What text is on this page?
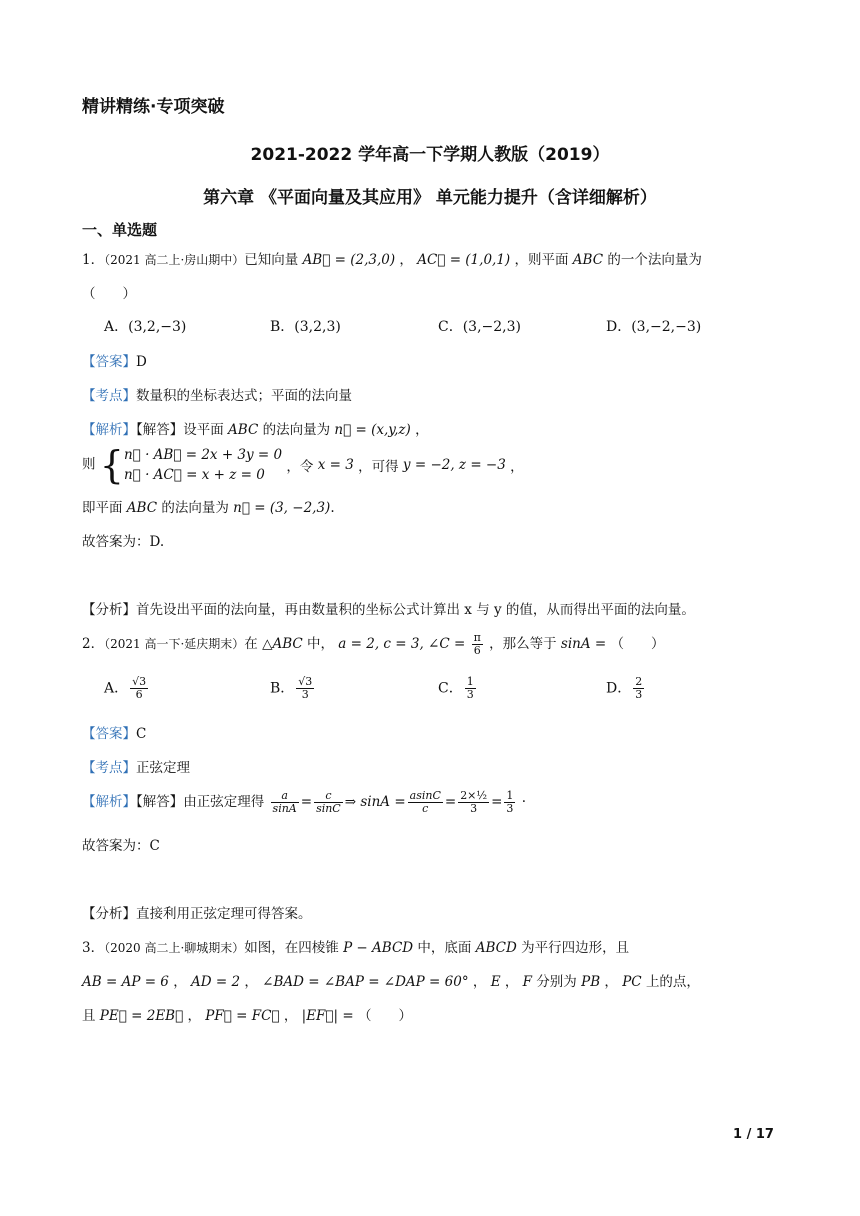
精讲精练·专项突破
2021-2022 学年高一下学期人教版（2019）
第六章 《平面向量及其应用》 单元能力提升（含详细解析）
一、单选题
1．（2021 高二上·房山期中）已知向量 AB⃗ = (2,3,0) ， AC⃗ = (1,0,1) ，则平面 ABC 的一个法向量为
（　　）
A．(3,2,−3)	B．(3,2,3)	C．(3,−2,3)	D．(3,−2,−3)
【答案】D
【考点】数量积的坐标表达式；平面的法向量
【解析】【解答】设平面 ABC 的法向量为 n⃗ = (x,y,z) ，
则 { n⃗ · AB⃗ = 2x + 3y = 0
n⃗ · AC⃗ = x + z = 0	，令 x = 3 ，可得 y = −2, z = −3 ，
即平面 ABC 的法向量为 n⃗ = (3, −2,3).
故答案为：D.
【分析】首先设出平面的法向量，再由数量积的坐标公式计算出 x 与 y 的值，从而得出平面的法向量。
2．（2021 高一下·延庆期末）在 △ABC 中， a = 2, c = 3, ∠C = $\frac{\pi}{6}$ ，那么等于 sinA = （　　）
A． $\frac{√3}{6}$	B． $\frac{√3}{3}$	C． $\frac{1}{3}$	D． $\frac{2}{3}$
【答案】C
【考点】正弦定理
【解析】【解答】由正弦定理得 $\frac{a}{\sin A} = \frac{c}{\sin C}$ ⇒ $\sin A = \frac{asinC}{c} = \frac{\text{2×½}}{3} = \frac{1}{3}$ ·
故答案为：C
【分析】直接利用正弦定理可得答案。
3．（2020 高二上·聊城期末）如图，在四棱锥 P − ABCD 中，底面 ABCD 为平行四边形，且
AB = AP = 6 ， AD = 2 ， ∠BAD = ∠BAP = ∠DAP = 60° ， E ， F 分别为 PB ， PC 上的点，
且 PE⃗ = 2EB⃗ ， PF⃗ = FC⃗ ， |EF⃗| = （　　）
1 / 17
